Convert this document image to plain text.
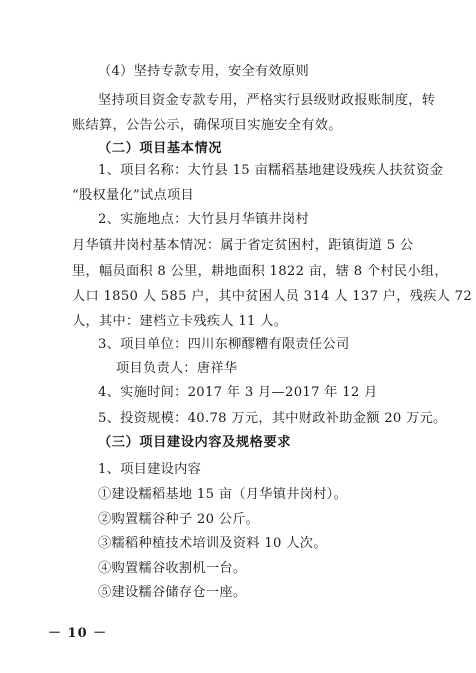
（4）坚持专款专用，安全有效原则
坚持项目资金专款专用，严格实行县级财政报账制度，转
账结算，公告公示，确保项目实施安全有效。
（二）项目基本情况
1、项目名称：大竹县 15 亩糯稻基地建设残疾人扶贫资金
“股权量化”试点项目
2、实施地点：大竹县月华镇井岗村
月华镇井岗村基本情况：属于省定贫困村，距镇街道 5 公
里，幅员面积 8 公里，耕地面积 1822 亩，辖 8 个村民小组，
人口 1850 人 585 户，其中贫困人员 314 人 137 户，残疾人 72
人，其中：建档立卡残疾人 11 人。
3、项目单位：四川东柳醪糟有限责任公司
项目负责人：唐祥华
4、实施时间：2017 年 3 月—2017 年 12 月
5、投资规模：40.78 万元，其中财政补助金额 20 万元。
（三）项目建设内容及规格要求
1、项目建设内容
①建设糯稻基地 15 亩（月华镇井岗村）。
②购置糯谷种子 20 公斤。
③糯稻种植技术培训及资料 10 人次。
④购置糯谷收割机一台。
⑤建设糯谷储存仓一座。
－ 10 －
